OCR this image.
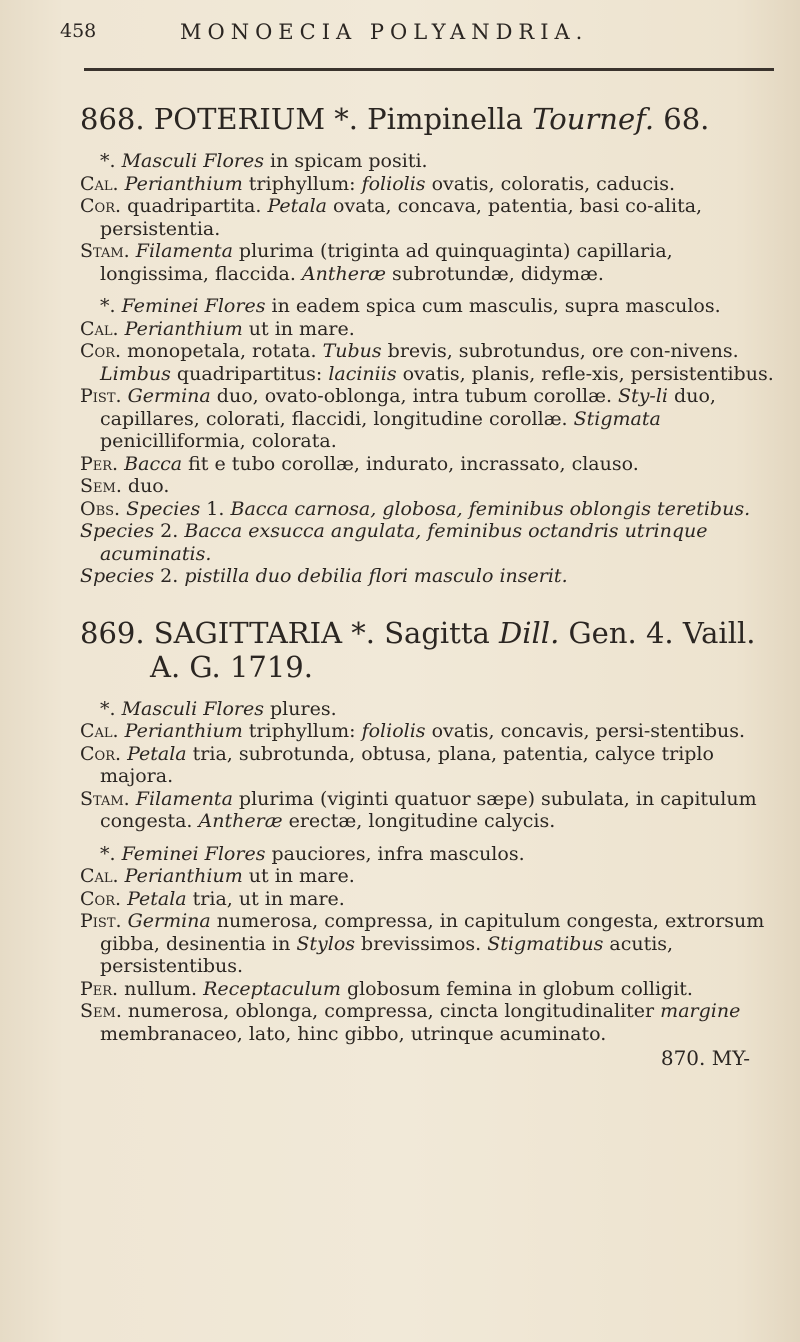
458	MONOECIA POLYANDRIA.
868. POTERIUM *. Pimpinella Tournef. 68.

*. Masculi Flores in spicam positi.

Cal. Perianthium triphyllum: foliolis ovatis, coloratis, caducis.

Cor. quadripartita. Petala ovata, concava, patentia, basi co-alita, persistentia.

Stam. Filamenta plurima (triginta ad quinquaginta) capillaria, longissima, flaccida. Antheræ subrotundæ, didymæ.

*. Feminei Flores in eadem spica cum masculis, supra masculos.

Cal. Perianthium ut in mare.

Cor. monopetala, rotata. Tubus brevis, subrotundus, ore con-nivens. Limbus quadripartitus: laciniis ovatis, planis, refle-xis, persistentibus.

Pist. Germina duo, ovato-oblonga, intra tubum corollæ. Sty-li duo, capillares, colorati, flaccidi, longitudine corollæ. Stigmata penicilliformia, colorata.

Per. Bacca fit e tubo corollæ, indurato, incrassato, clauso.

Sem. duo.

Obs. Species 1. Bacca carnosa, globosa, feminibus oblongis teretibus.

Species 2. Bacca exsucca angulata, feminibus octandris utrinque acuminatis.

Species 2. pistilla duo debilia flori masculo inserit.

869. SAGITTARIA *. Sagitta Dill. Gen. 4. Vaill.
A. G. 1719.

*. Masculi Flores plures.

Cal. Perianthium triphyllum: foliolis ovatis, concavis, persi-stentibus.

Cor. Petala tria, subrotunda, obtusa, plana, patentia, calyce triplo majora.

Stam. Filamenta plurima (viginti quatuor sæpe) subulata, in capitulum congesta. Antheræ erectæ, longitudine calycis.

*. Feminei Flores pauciores, infra masculos.

Cal. Perianthium ut in mare.

Cor. Petala tria, ut in mare.

Pist. Germina numerosa, compressa, in capitulum congesta, extrorsum gibba, desinentia in Stylos brevissimos. Stigmatibus acutis, persistentibus.

Per. nullum. Receptaculum globosum femina in globum colligit.

Sem. numerosa, oblonga, compressa, cincta longitudinaliter margine membranaceo, lato, hinc gibbo, utrinque acuminato.

870. MY-
